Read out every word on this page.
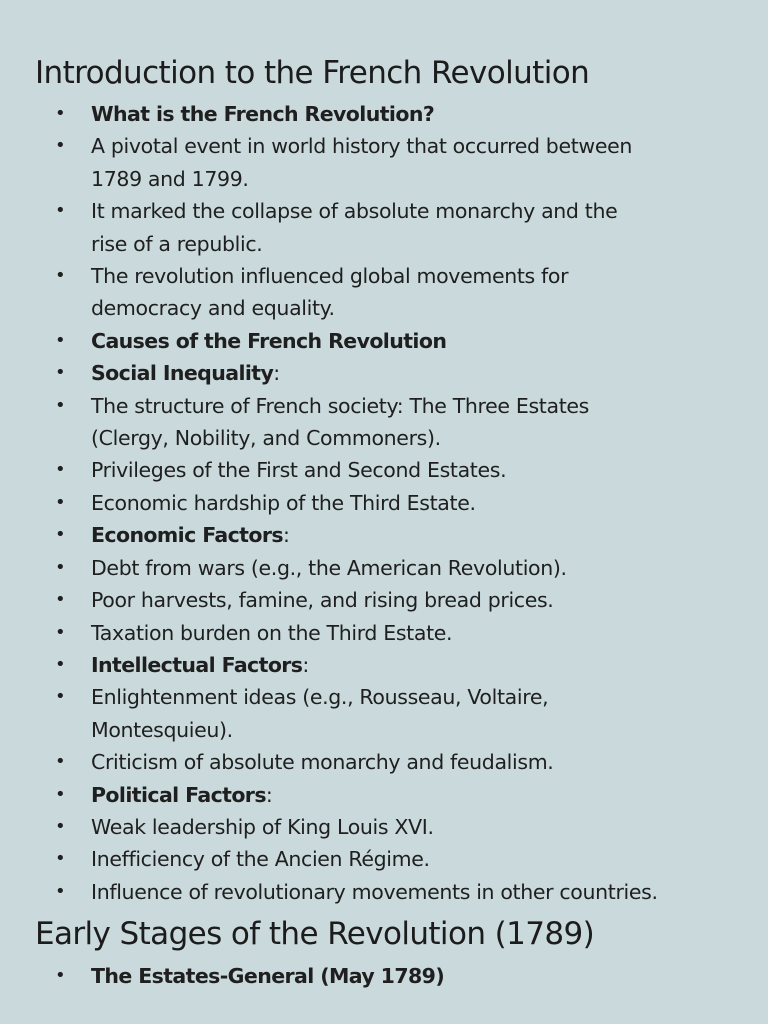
Introduction to the French Revolution
• What is the French Revolution?
• A pivotal event in world history that occurred between
1789 and 1799.
• It marked the collapse of absolute monarchy and the
rise of a republic.
• The revolution influenced global movements for
democracy and equality.
• Causes of the French Revolution
• Social Inequality:
• The structure of French society: The Three Estates
(Clergy, Nobility, and Commoners).
• Privileges of the First and Second Estates.
• Economic hardship of the Third Estate.
• Economic Factors:
• Debt from wars (e.g., the American Revolution).
• Poor harvests, famine, and rising bread prices.
• Taxation burden on the Third Estate.
• Intellectual Factors:
• Enlightenment ideas (e.g., Rousseau, Voltaire,
Montesquieu).
• Criticism of absolute monarchy and feudalism.
• Political Factors:
• Weak leadership of King Louis XVI.
• Inefficiency of the Ancien Régime.
• Influence of revolutionary movements in other countries.
Early Stages of the Revolution (1789)
• The Estates-General (May 1789)
